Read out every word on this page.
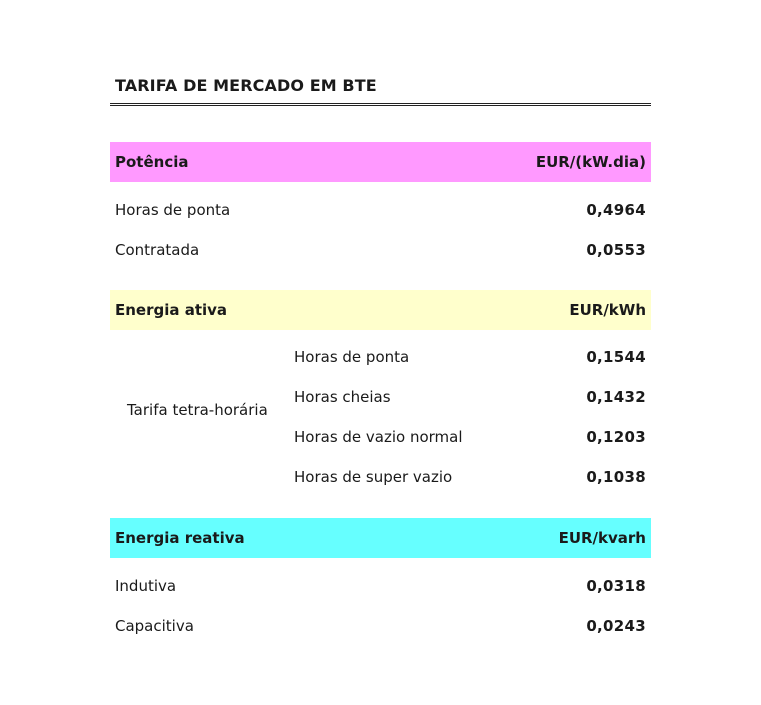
TARIFA DE MERCADO EM BTE
Potência	EUR/(kW.dia)
Horas de ponta	0,4964
Contratada	0,0553
Energia ativa	EUR/kWh
Tarifa tetra-horária
Horas de ponta	0,1544
Horas cheias	0,1432
Horas de vazio normal	0,1203
Horas de super vazio	0,1038
Energia reativa	EUR/kvarh
Indutiva	0,0318
Capacitiva	0,0243
